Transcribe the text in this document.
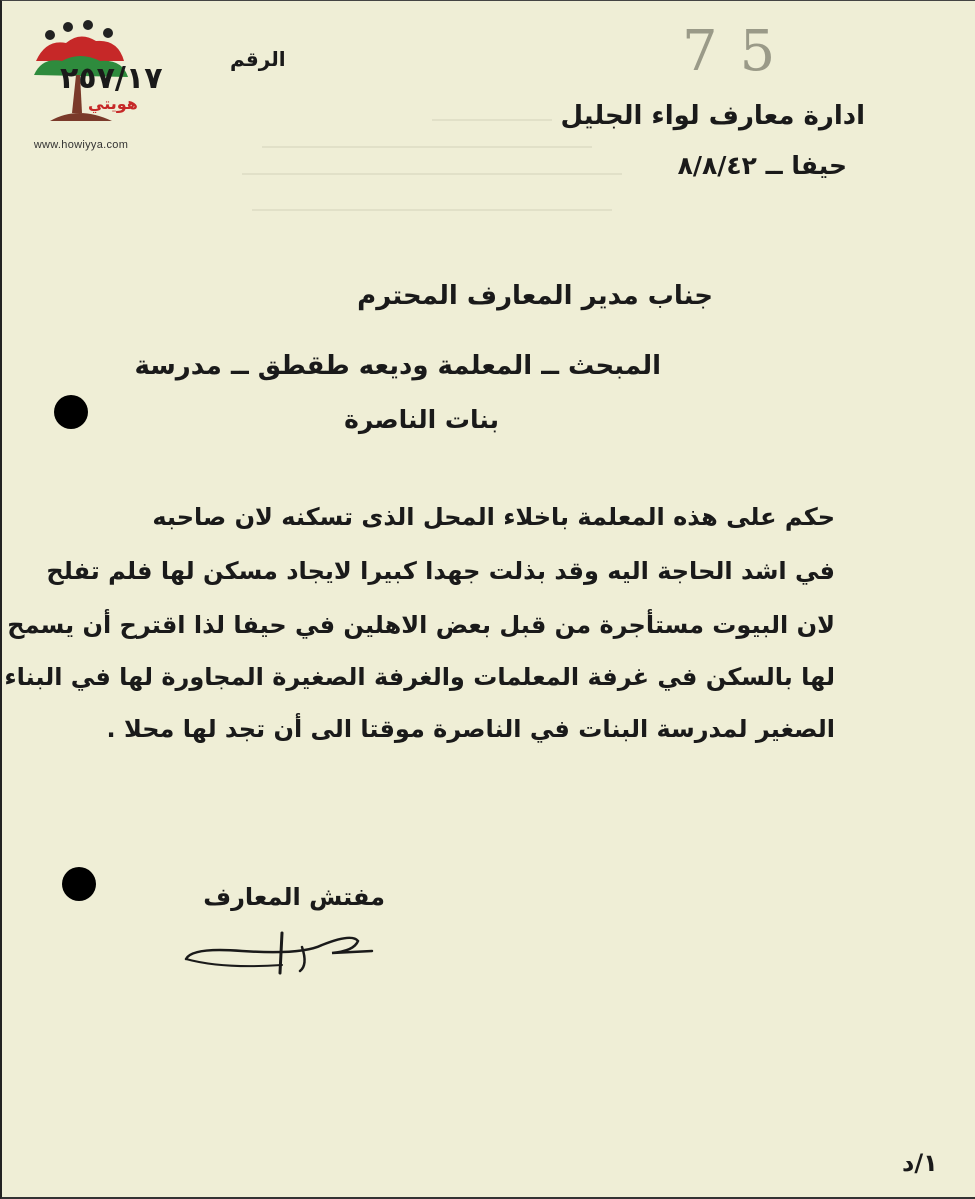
هويتي
www.howiyya.com
75
الرقم
٢٥٧/١٧
ادارة معارف لواء الجليل
حيفا ــ ٨/٨/٤٢
جناب مدير المعارف المحترم
المبحث ــ المعلمة وديعه طقطق ــ مدرسة
بنات الناصرة
حكم على هذه المعلمة باخلاء المحل الذى تسكنه لان صاحبه
في اشد الحاجة اليه وقد بذلت جهدا كبيرا لايجاد مسكن لها فلم تفلح
لان البيوت مستأجرة من قبل بعض الاهلين في حيفا لذا اقترح أن يسمح
لها بالسكن في غرفة المعلمات والغرفة الصغيرة المجاورة لها في البناء
الصغير لمدرسة البنات في الناصرة موقتا الى أن تجد لها محلا .
مفتش المعارف
١/د
